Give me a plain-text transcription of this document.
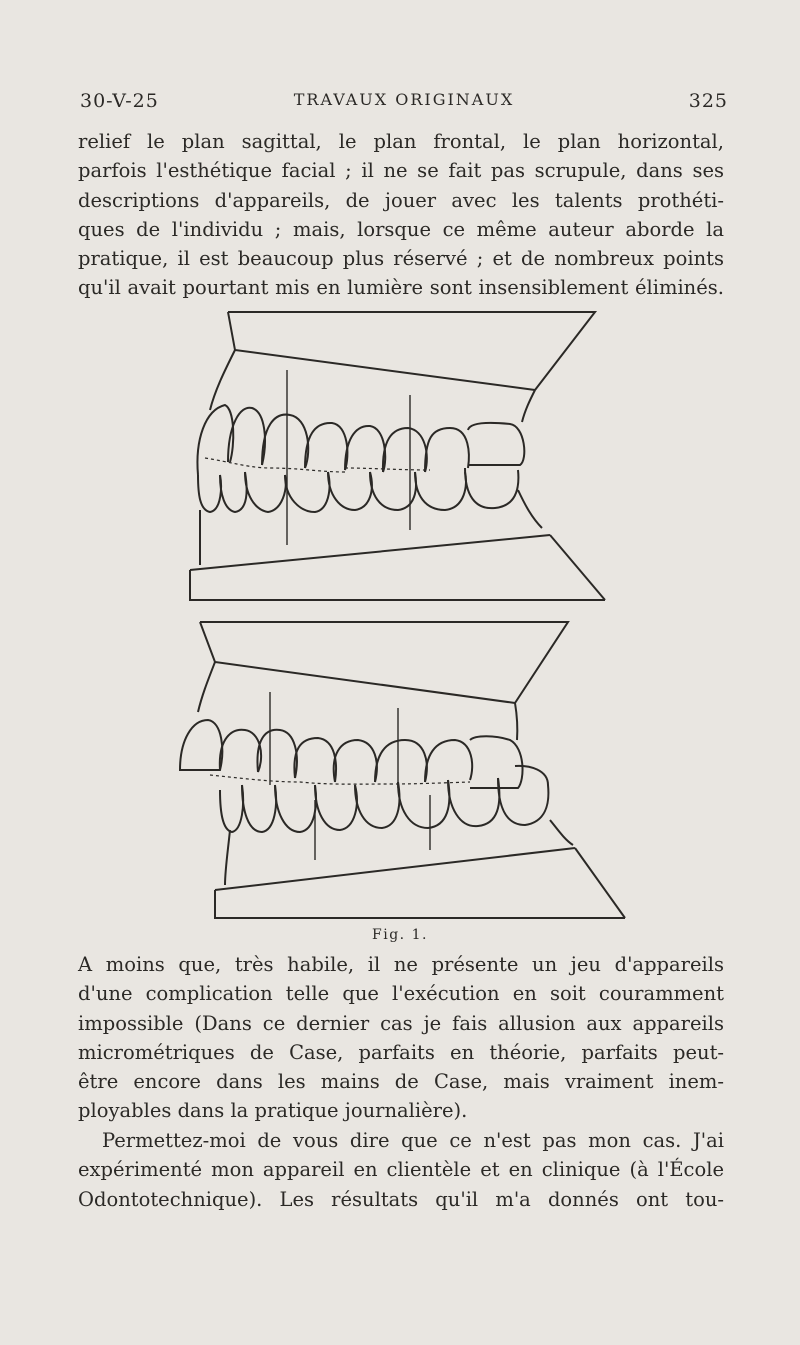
30-V-25	TRAVAUX ORIGINAUX	325
relief le plan sagittal, le plan frontal, le plan horizontal,
parfois l'esthétique facial ; il ne se fait pas scrupule, dans ses
descriptions d'appareils, de jouer avec les talents prothéti-
ques de l'individu ; mais, lorsque ce même auteur aborde la
pratique, il est beaucoup plus réservé ; et de nombreux points
qu'il avait pourtant mis en lumière sont insensiblement éliminés.
Fig. 1.
A moins que, très habile, il ne présente un jeu d'appareils
d'une complication telle que l'exécution en soit couramment
impossible (Dans ce dernier cas je fais allusion aux appareils
micrométriques de Case, parfaits en théorie, parfaits peut-
être encore dans les mains de Case, mais vraiment inem-
ployables dans la pratique journalière).
Permettez-moi de vous dire que ce n'est pas mon cas. J'ai
expérimenté mon appareil en clientèle et en clinique (à l'École
Odontotechnique). Les résultats qu'il m'a donnés ont tou-
